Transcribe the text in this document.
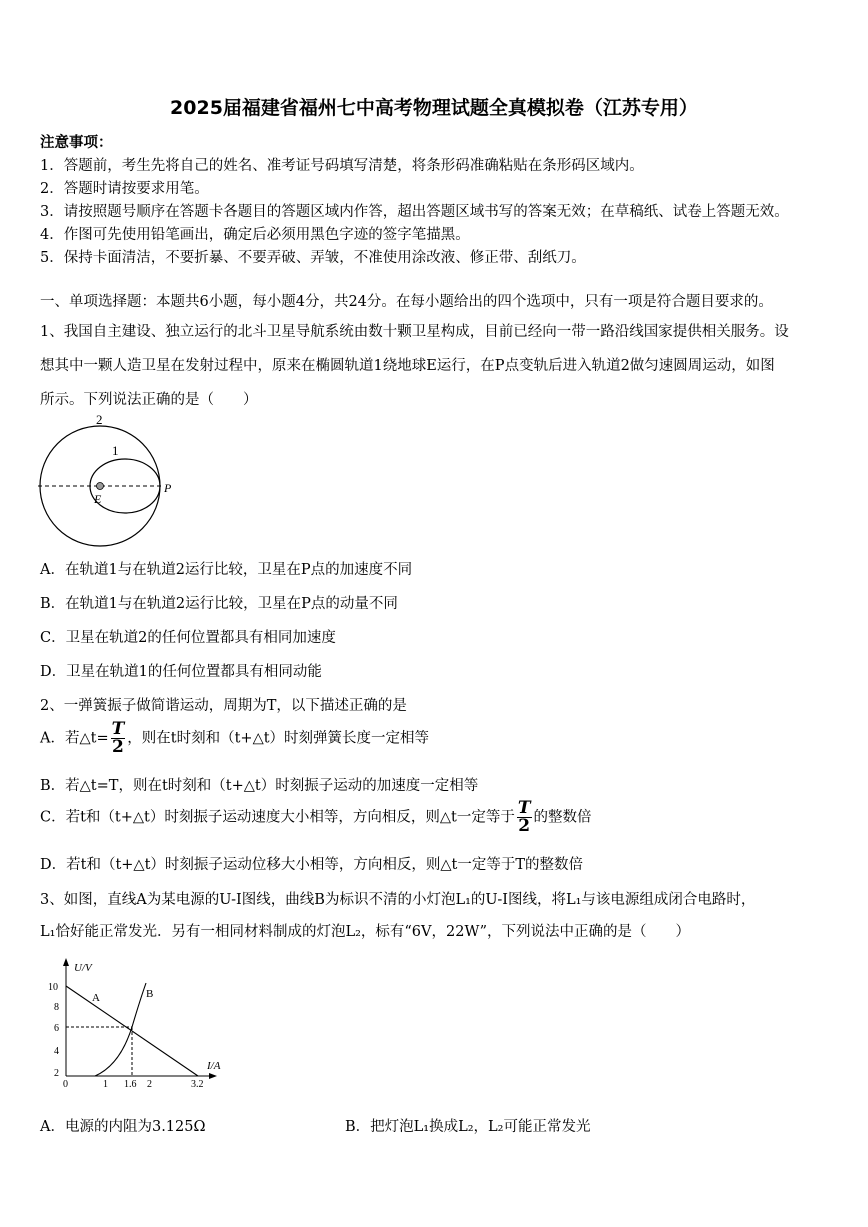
2025届福建省福州七中高考物理试题全真模拟卷（江苏专用）
注意事项：
1．答题前，考生先将自己的姓名、准考证号码填写清楚，将条形码准确粘贴在条形码区域内。
2．答题时请按要求用笔。
3．请按照题号顺序在答题卡各题目的答题区域内作答，超出答题区域书写的答案无效；在草稿纸、试卷上答题无效。
4．作图可先使用铅笔画出，确定后必须用黑色字迹的签字笔描黑。
5．保持卡面清洁，不要折暴、不要弄破、弄皱，不准使用涂改液、修正带、刮纸刀。
一、单项选择题：本题共6小题，每小题4分，共24分。在每小题给出的四个选项中，只有一项是符合题目要求的。
1、我国自主建设、独立运行的北斗卫星导航系统由数十颗卫星构成，目前已经向一带一路沿线国家提供相关服务。设
想其中一颗人造卫星在发射过程中，原来在椭圆轨道1绕地球E运行，在P点变轨后进入轨道2做匀速圆周运动，如图
所示。下列说法正确的是（　　）
2
1
E
P
A．在轨道1与在轨道2运行比较，卫星在P点的加速度不同
B．在轨道1与在轨道2运行比较，卫星在P点的动量不同
C．卫星在轨道2的任何位置都具有相同加速度
D．卫星在轨道1的任何位置都具有相同动能
2、一弹簧振子做简谐运动，周期为T，以下描述正确的是
A．若△t= $\frac{T}{2}$ ，则在t时刻和（t+△t）时刻弹簧长度一定相等
B．若△t=T，则在t时刻和（t+△t）时刻振子运动的加速度一定相等
C．若t和（t+△t）时刻振子运动速度大小相等，方向相反，则△t一定等于 $\frac{T}{2}$ 的整数倍
D．若t和（t+△t）时刻振子运动位移大小相等，方向相反，则△t一定等于T的整数倍
3、如图，直线A为某电源的U-I图线，曲线B为标识不清的小灯泡L₁的U-I图线，将L₁与该电源组成闭合电路时，
L₁恰好能正常发光．另有一相同材料制成的灯泡L₂，标有“6V，22W”，下列说法中正确的是（　　）
U/V
I/A
10
8
6
4
2
0	1 1.6 2	3.2
A	B
A．电源的内阻为3.125Ω	B．把灯泡L₁换成L₂，L₂可能正常发光
